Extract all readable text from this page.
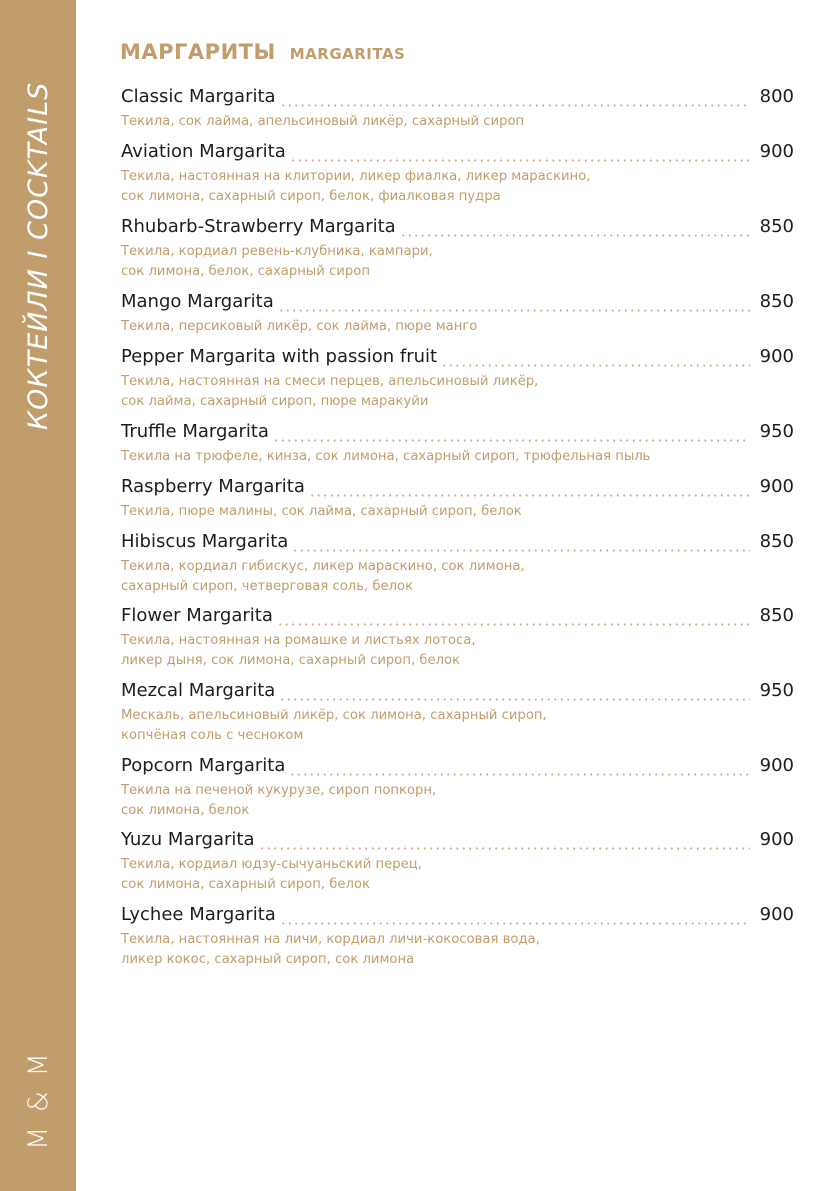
КОКТЕЙЛИ I COCKTAILS
M & M
МАРГАРИТЫ MARGARITAS
Classic Margarita	800
Текила, сок лайма, апельсиновый ликёр, сахарный сироп
Aviation Margarita	900
Текила, настоянная на клитории, ликер фиалка, ликер мараскино,
сок лимона, сахарный сироп, белок, фиалковая пудра
Rhubarb-Strawberry Margarita	850
Текила, кордиал ревень-клубника, кампари,
сок лимона, белок, сахарный сироп
Mango Margarita	850
Текила, персиковый ликёр, сок лайма, пюре манго
Pepper Margarita with passion fruit	900
Текила, настоянная на смеси перцев, апельсиновый ликёр,
сок лайма, сахарный сироп, пюре маракуйи
Truffle Margarita	950
Текила на трюфеле, кинза, сок лимона, сахарный сироп, трюфельная пыль
Raspberry Margarita	900
Текила, пюре малины, сок лайма, сахарный сироп, белок
Hibiscus Margarita	850
Текила, кордиал гибискус, ликер мараскино, сок лимона,
сахарный сироп, четверговая соль, белок
Flower Margarita	850
Текила, настоянная на ромашке и листьях лотоса,
ликер дыня, сок лимона, сахарный сироп, белок
Mezcal Margarita	950
Мескаль, апельсиновый ликёр, сок лимона, сахарный сироп,
копчёная соль с чесноком
Popcorn Margarita	900
Текила на печеной кукурузе, сироп попкорн,
сок лимона, белок
Yuzu Margarita	900
Текила, кордиал юдзу-сычуаньский перец,
сок лимона, сахарный сироп, белок
Lychee Margarita	900
Текила, настоянная на личи, кордиал личи-кокосовая вода,
ликер кокос, сахарный сироп, сок лимона
